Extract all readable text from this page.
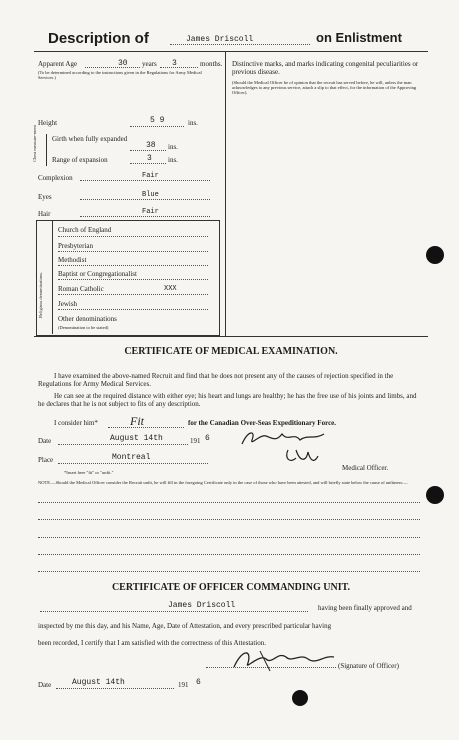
Description of	James Driscoll	on Enlistment
Apparent Age	30 years 3	months.
(To be determined according to the instructions given in the Regulations for Army Medical Services.)
Height	5 9	ins.
Chest measure-ment Girth when fully expanded
38 ins.
Range of expansion	3 ins.
Complexion	Fair
Eyes	Blue
Hair	Fair
Religious denominations.
Church of England
Presbyterian
Methodist
Baptist or Congregationalist
Roman Catholic	XXX
Jewish
Other denominations
(Denomination to be stated)
Distinctive marks, and marks indicating congenital peculiarities or previous disease.
(Should the Medical Officer be of opinion that the recruit has served before, he will, unless the man acknowledges to any previous service, attach a slip to that effect, for the information of the Approving Officer).
CERTIFICATE OF MEDICAL EXAMINATION.
I have examined the above-named Recruit and find that he does not present any of the causes of rejection specified in the Regulations for Army Medical Services.
He can see at the required distance with either eye; his heart and lungs are healthy; he has the free use of his joints and limbs, and he declares that he is not subject to fits of any description.
I consider him*	Fit	for the Canadian Over-Seas Expeditionary Force.
Date	August 14th	191 6
Place	Montreal
Medical Officer.
*Insert here "fit" or "unfit."
NOTE.—Should the Medical Officer consider the Recruit unfit, he will fill in the foregoing Certificate only in the case of those who have been attested, and will briefly state below the cause of unfitness:—
CERTIFICATE OF OFFICER COMMANDING UNIT.
James Driscoll	having been finally approved and
inspected by me this day, and his Name, Age, Date of Attestation, and every prescribed particular having
been recorded, I certify that I am satisfied with the correctness of this Attestation.
(Signature of Officer)
Date	August 14th	191 6
